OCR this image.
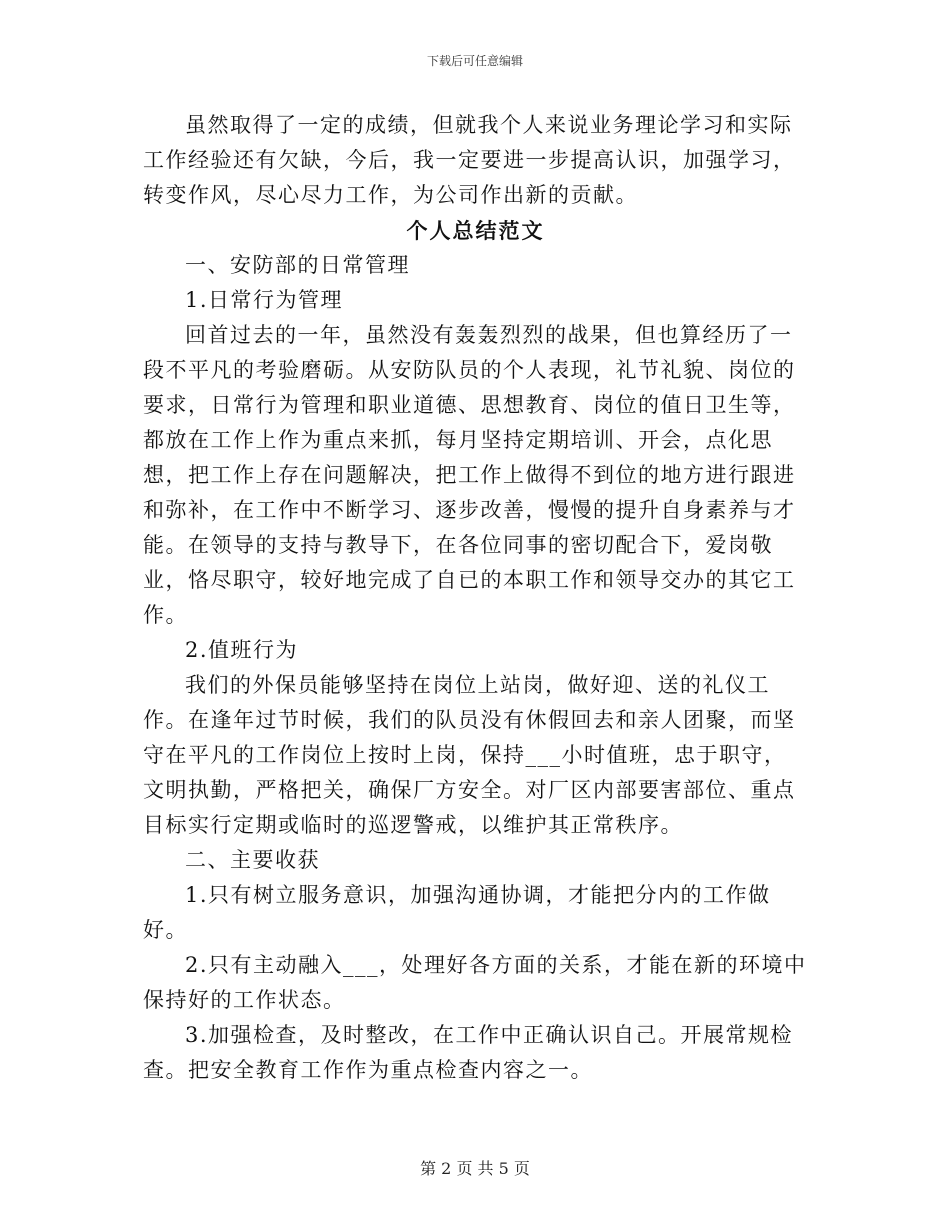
下载后可任意编辑

虽然取得了一定的成绩，但就我个人来说业务理论学习和实际工作经验还有欠缺，今后，我一定要进一步提高认识，加强学习，转变作风，尽心尽力工作，为公司作出新的贡献。

个人总结范文

一、安防部的日常管理

1.日常行为管理

回首过去的一年，虽然没有轰轰烈烈的战果，但也算经历了一段不平凡的考验磨砺。从安防队员的个人表现，礼节礼貌、岗位的要求，日常行为管理和职业道德、思想教育、岗位的值日卫生等，都放在工作上作为重点来抓，每月坚持定期培训、开会，点化思想，把工作上存在问题解决，把工作上做得不到位的地方进行跟进和弥补，在工作中不断学习、逐步改善，慢慢的提升自身素养与才能。在领导的支持与教导下，在各位同事的密切配合下，爱岗敬业，恪尽职守，较好地完成了自已的本职工作和领导交办的其它工作。

2.值班行为

我们的外保员能够坚持在岗位上站岗，做好迎、送的礼仪工作。在逢年过节时候，我们的队员没有休假回去和亲人团聚，而坚守在平凡的工作岗位上按时上岗，保持___小时值班，忠于职守，文明执勤，严格把关，确保厂方安全。对厂区内部要害部位、重点目标实行定期或临时的巡逻警戒，以维护其正常秩序。

二、主要收获

1.只有树立服务意识，加强沟通协调，才能把分内的工作做好。

2.只有主动融入___，处理好各方面的关系，才能在新的环境中保持好的工作状态。

3.加强检查，及时整改，在工作中正确认识自己。开展常规检查。把安全教育工作作为重点检查内容之一。

第 2 页 共 5 页
